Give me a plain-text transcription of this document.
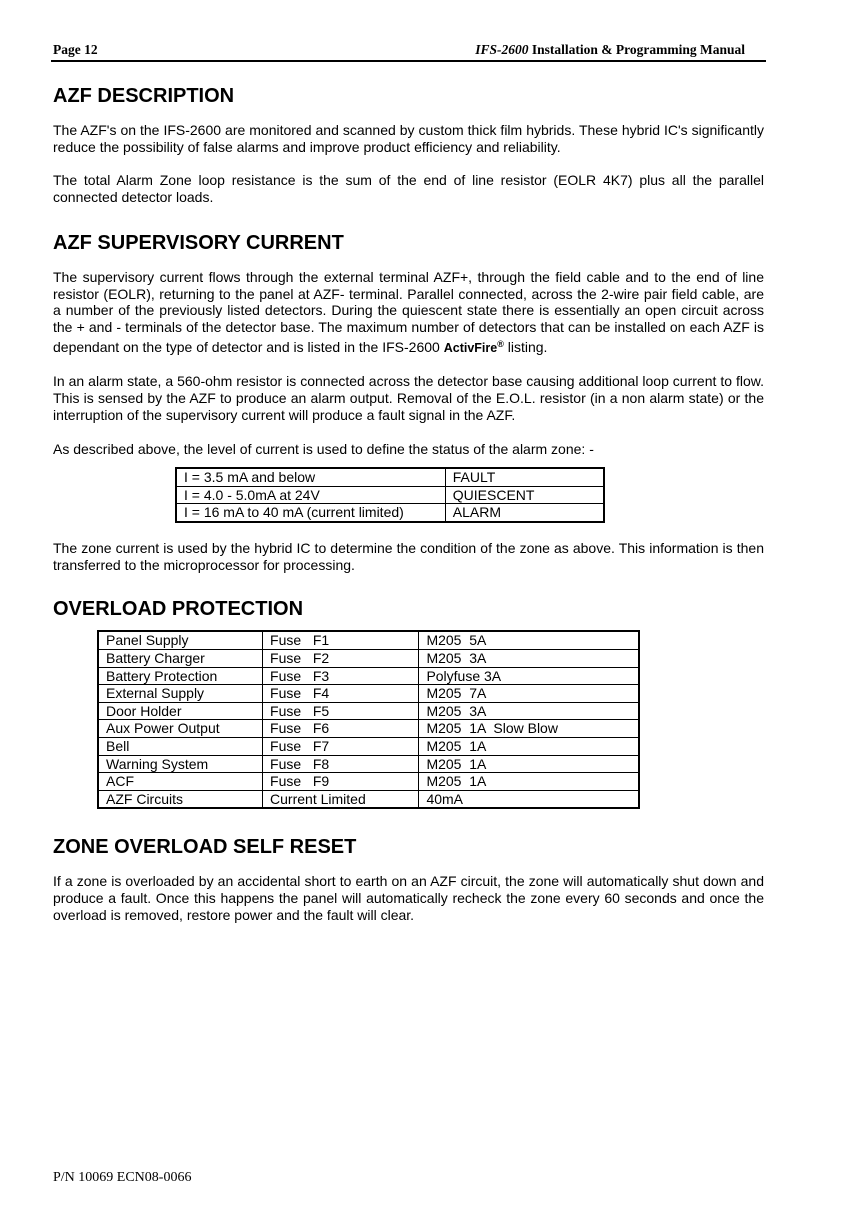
Page 12	IFS-2600 Installation & Programming Manual
AZF DESCRIPTION

The AZF's on the IFS-2600 are monitored and scanned by custom thick film hybrids. These hybrid IC's significantly reduce the possibility of false alarms and improve product efficiency and reliability.

The total Alarm Zone loop resistance is the sum of the end of line resistor (EOLR 4K7) plus all the parallel connected detector loads.

AZF SUPERVISORY CURRENT

The supervisory current flows through the external terminal AZF+, through the field cable and to the end of line resistor (EOLR), returning to the panel at AZF- terminal. Parallel connected, across the 2-wire pair field cable, are a number of the previously listed detectors. During the quiescent state there is essentially an open circuit across the + and - terminals of the detector base. The maximum number of detectors that can be installed on each AZF is dependant on the type of detector and is listed in the IFS-2600 ActivFire® listing.

In an alarm state, a 560-ohm resistor is connected across the detector base causing additional loop current to flow. This is sensed by the AZF to produce an alarm output. Removal of the E.O.L. resistor (in a non alarm state) or the interruption of the supervisory current will produce a fault signal in the AZF.

As described above, the level of current is used to define the status of the alarm zone: -

I = 3.5 mA and below	FAULT
I = 4.0 - 5.0mA at 24V	QUIESCENT
I = 16 mA to 40 mA (current limited)	ALARM

The zone current is used by the hybrid IC to determine the condition of the zone as above. This information is then transferred to the microprocessor for processing.

OVERLOAD PROTECTION
Panel Supply	Fuse   F1	M205  5A
Battery Charger	Fuse   F2	M205  3A
Battery Protection	Fuse   F3	Polyfuse 3A
External Supply	Fuse   F4	M205  7A
Door Holder	Fuse   F5	M205  3A
Aux Power Output	Fuse   F6	M205  1A  Slow Blow
Bell	Fuse   F7	M205  1A
Warning System	Fuse   F8	M205  1A
ACF	Fuse   F9	M205  1A
AZF Circuits	Current Limited	40mA
ZONE OVERLOAD SELF RESET

If a zone is overloaded by an accidental short to earth on an AZF circuit, the zone will automatically shut down and produce a fault. Once this happens the panel will automatically recheck the zone every 60 seconds and once the overload is removed, restore power and the fault will clear.

P/N 10069 ECN08-0066
